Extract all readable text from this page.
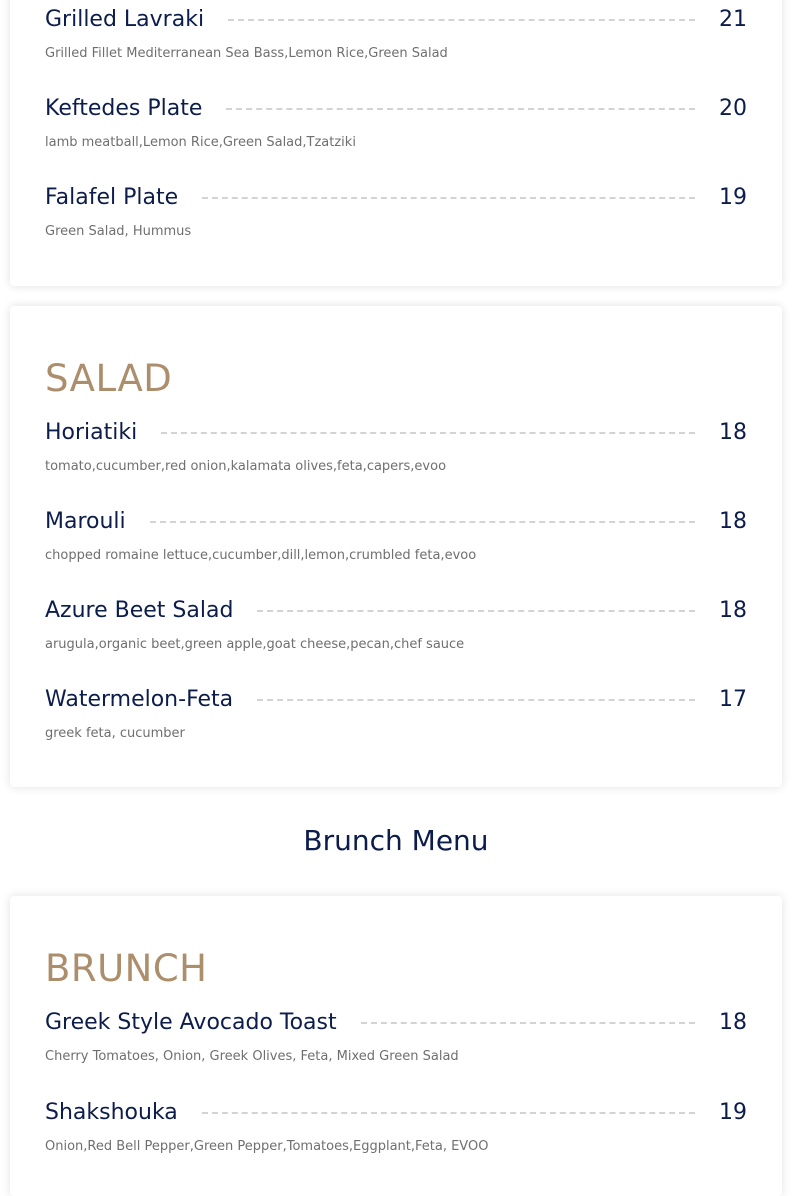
Grilled Lavraki	21
Grilled Fillet Mediterranean Sea Bass,Lemon Rice,Green Salad
Keftedes Plate	20
lamb meatball,Lemon Rice,Green Salad,Tzatziki
Falafel Plate	19
Green Salad, Hummus
SALAD
Horiatiki	18
tomato,cucumber,red onion,kalamata olives,feta,capers,evoo
Marouli	18
chopped romaine lettuce,cucumber,dill,lemon,crumbled feta,evoo
Azure Beet Salad	18
arugula,organic beet,green apple,goat cheese,pecan,chef sauce
Watermelon-Feta	17
greek feta, cucumber
Brunch Menu
BRUNCH
Greek Style Avocado Toast	18
Cherry Tomatoes, Onion, Greek Olives, Feta, Mixed Green Salad
Shakshouka	19
Onion,Red Bell Pepper,Green Pepper,Tomatoes,Eggplant,Feta, EVOO
